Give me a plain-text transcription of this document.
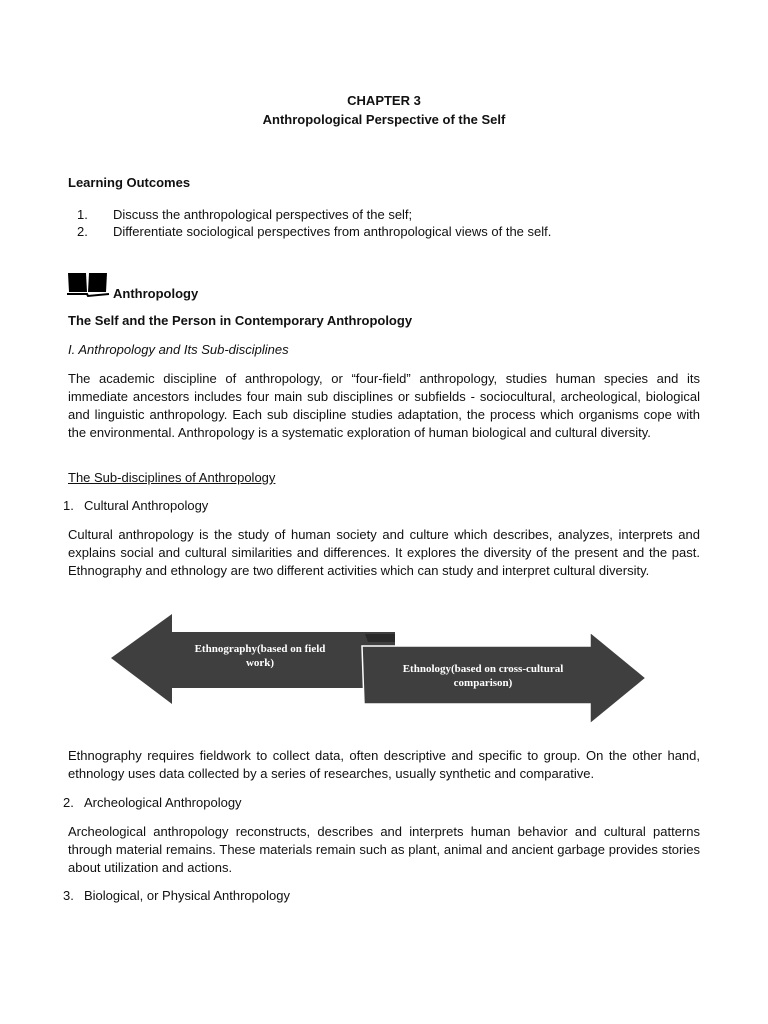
CHAPTER 3
Anthropological Perspective of the Self
Learning Outcomes
1. Discuss the anthropological perspectives of the self;
2. Differentiate sociological perspectives from anthropological views of the self.
Anthropology
The Self and the Person in Contemporary Anthropology
I. Anthropology and Its Sub-disciplines
The academic discipline of anthropology, or “four-field” anthropology, studies human species and its immediate ancestors includes four main sub disciplines or subfields - sociocultural, archeological, biological and linguistic anthropology. Each sub discipline studies adaptation, the process which organisms cope with the environmental. Anthropology is a systematic exploration of human biological and cultural diversity.
The Sub-disciplines of Anthropology
1. Cultural Anthropology
Cultural anthropology is the study of human society and culture which describes, analyzes, interprets and explains social and cultural similarities and differences. It explores the diversity of the present and the past. Ethnography and ethnology are two different activities which can study and interpret cultural diversity.
Ethnography(based on field work)	Ethnology(based on cross-cultural comparison)
Ethnography requires fieldwork to collect data, often descriptive and specific to group. On the other hand, ethnology uses data collected by a series of researches, usually synthetic and comparative.
2. Archeological Anthropology
Archeological anthropology reconstructs, describes and interprets human behavior and cultural patterns through material remains. These materials remain such as plant, animal and ancient garbage provides stories about utilization and actions.
3. Biological, or Physical Anthropology
